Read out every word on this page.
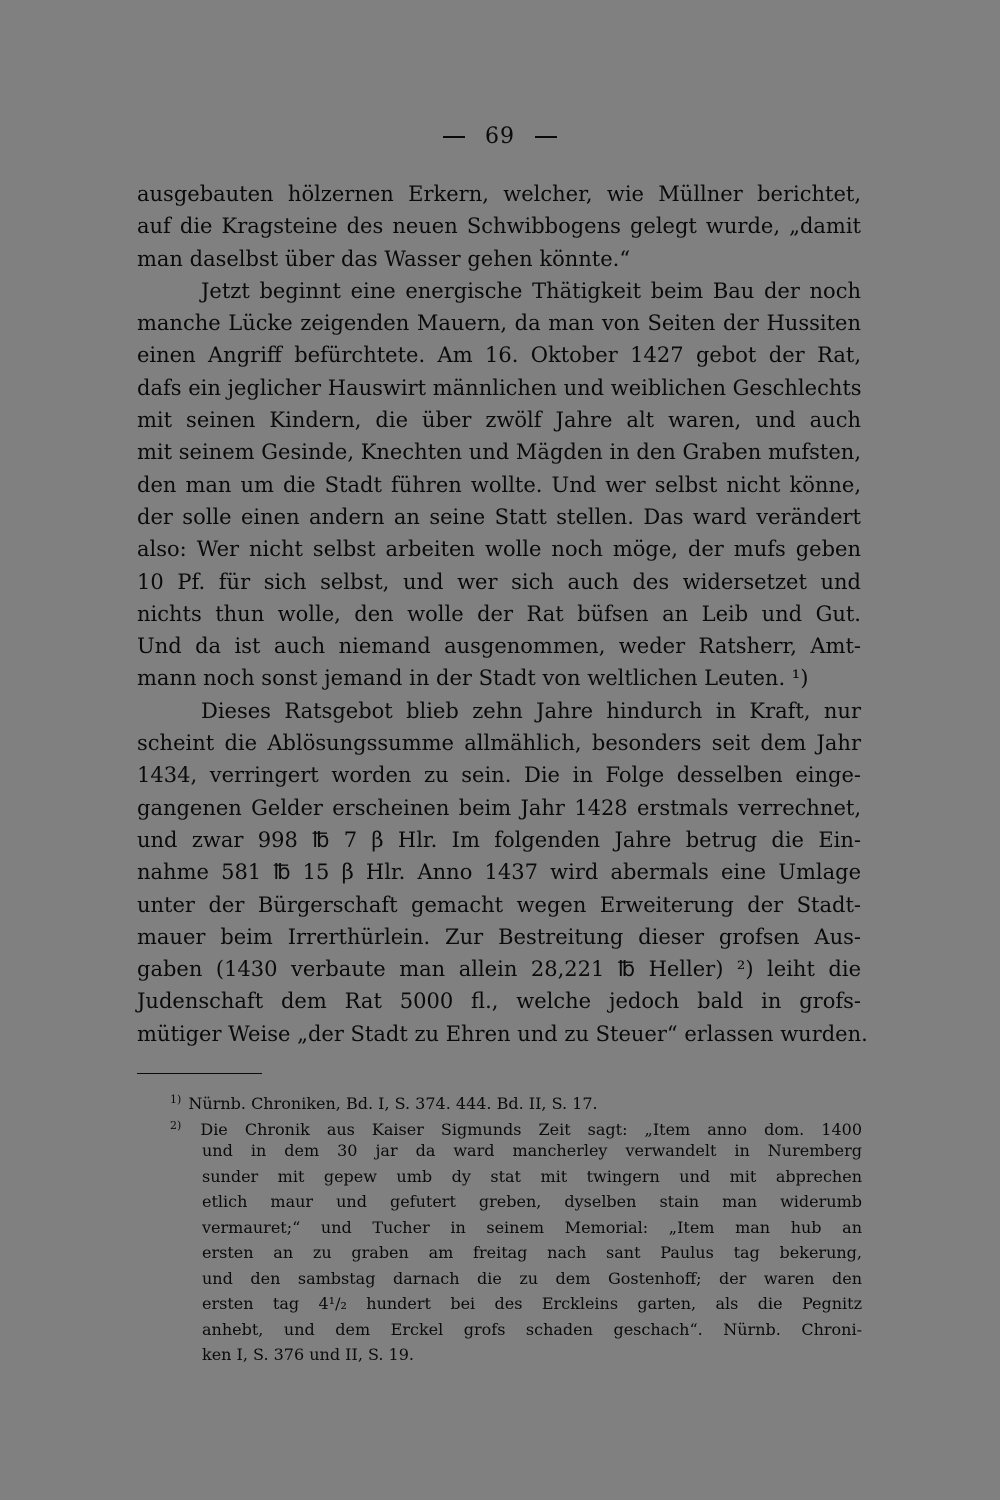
69
ausgebauten hölzernen Erkern, welcher, wie Müllner berichtet,
auf die Kragsteine des neuen Schwibbogens gelegt wurde, „damit
man daselbst über das Wasser gehen könnte.“
Jetzt beginnt eine energische Thätigkeit beim Bau der noch
manche Lücke zeigenden Mauern, da man von Seiten der Hussiten
einen Angriff befürchtete. Am 16. Oktober 1427 gebot der Rat,
dafs ein jeglicher Hauswirt männlichen und weiblichen Geschlechts
mit seinen Kindern, die über zwölf Jahre alt waren, und auch
mit seinem Gesinde, Knechten und Mägden in den Graben mufsten,
den man um die Stadt führen wollte. Und wer selbst nicht könne,
der solle einen andern an seine Statt stellen. Das ward verändert
also: Wer nicht selbst arbeiten wolle noch möge, der mufs geben
10 Pf. für sich selbst, und wer sich auch des widersetzet und
nichts thun wolle, den wolle der Rat büfsen an Leib und Gut.
Und da ist auch niemand ausgenommen, weder Ratsherr, Amt-
mann noch sonst jemand in der Stadt von weltlichen Leuten. ¹)
Dieses Ratsgebot blieb zehn Jahre hindurch in Kraft, nur
scheint die Ablösungssumme allmählich, besonders seit dem Jahr
1434, verringert worden zu sein. Die in Folge desselben einge-
gangenen Gelder erscheinen beim Jahr 1428 erstmals verrechnet,
und zwar 998 ℔ 7 β Hlr. Im folgenden Jahre betrug die Ein-
nahme 581 ℔ 15 β Hlr. Anno 1437 wird abermals eine Umlage
unter der Bürgerschaft gemacht wegen Erweiterung der Stadt-
mauer beim Irrerthürlein. Zur Bestreitung dieser grofsen Aus-
gaben (1430 verbaute man allein 28,221 ℔ Heller) ²) leiht die
Judenschaft dem Rat 5000 fl., welche jedoch bald in grofs-
mütiger Weise „der Stadt zu Ehren und zu Steuer“ erlassen wurden.
$^{1)}$ Nürnb. Chroniken, Bd. I, S. 374. 444. Bd. II, S. 17.
$^{2)}$ Die Chronik aus Kaiser Sigmunds Zeit sagt: „Item anno dom. 1400
und in dem 30 jar da ward mancherley verwandelt in Nuremberg
sunder mit gepew umb dy stat mit twingern und mit abprechen
etlich maur und gefutert greben, dyselben stain man widerumb
vermauret;“ und Tucher in seinem Memorial: „Item man hub an
ersten an zu graben am freitag nach sant Paulus tag bekerung,
und den sambstag darnach die zu dem Gostenhoff; der waren den
ersten tag 4¹/₂ hundert bei des Erckleins garten, als die Pegnitz
anhebt, und dem Erckel grofs schaden geschach“. Nürnb. Chroni-
ken I, S. 376 und II, S. 19.
